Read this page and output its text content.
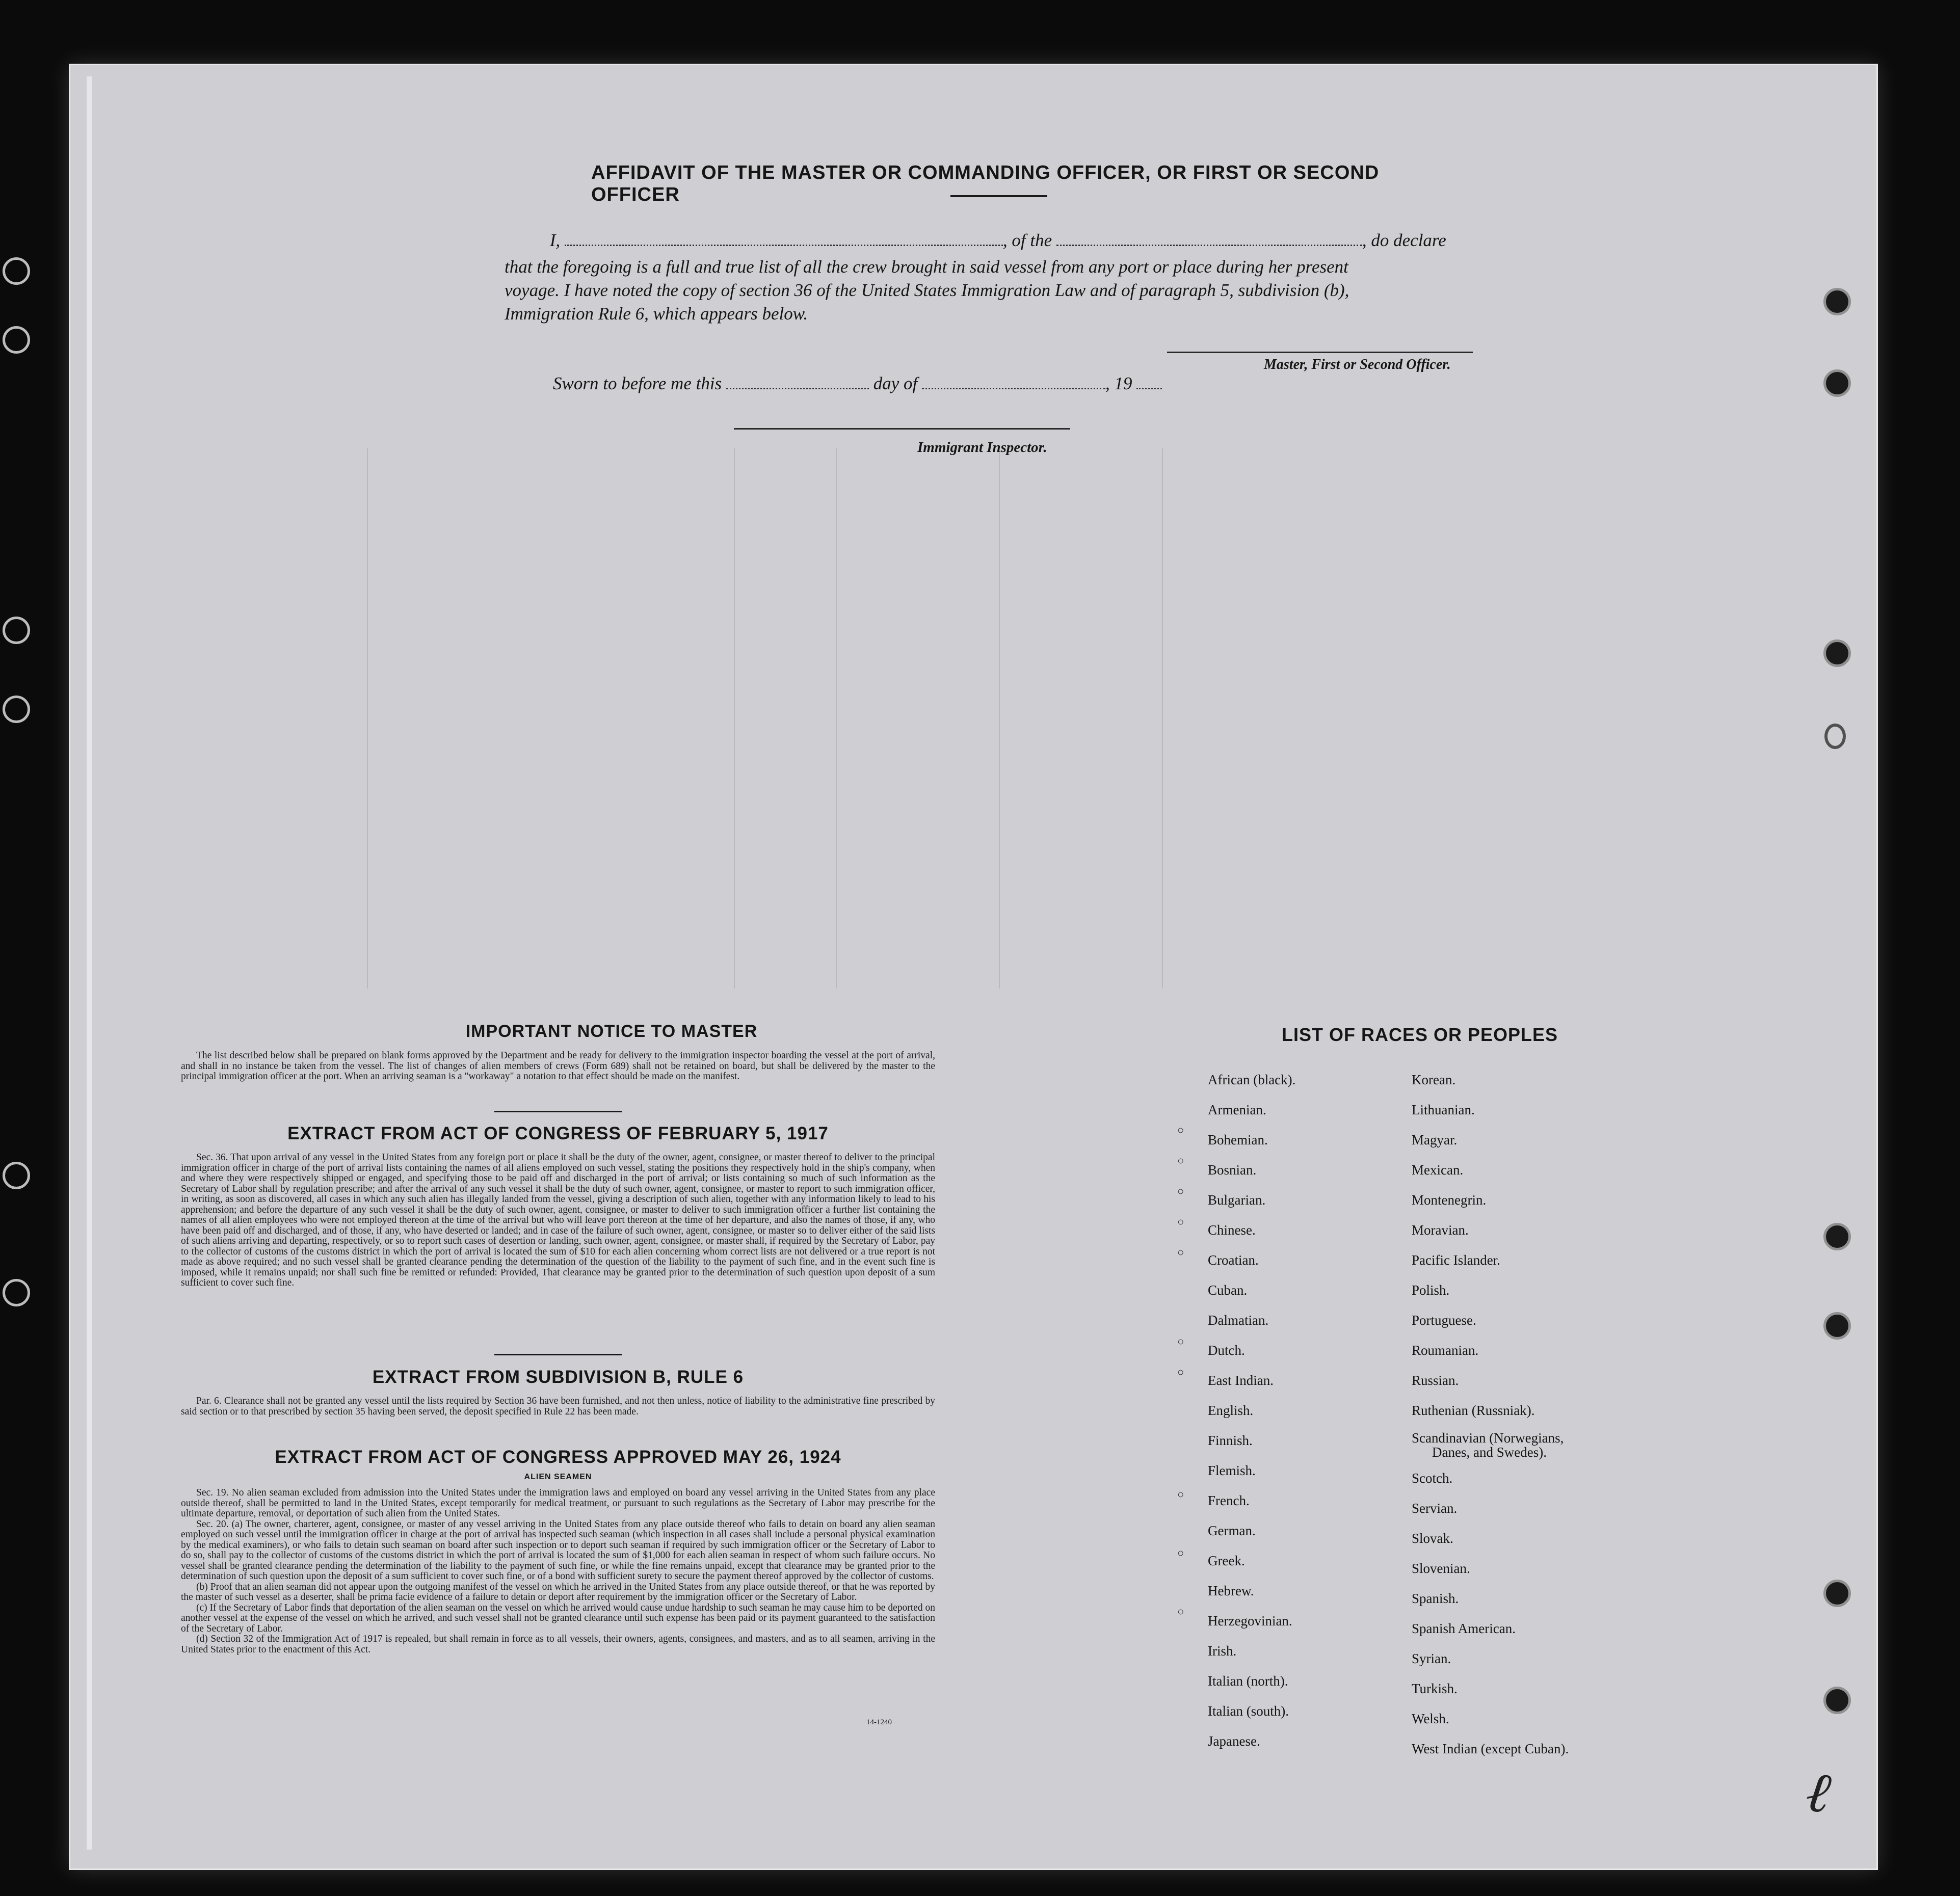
AFFIDAVIT OF THE MASTER OR COMMANDING OFFICER, OR FIRST OR SECOND OFFICER
I,	, of the	, do declare
that the foregoing is a full and true list of all the crew brought in said vessel from any port or place during her present
voyage. I have noted the copy of section 36 of the United States Immigration Law and of paragraph 5, subdivision (b),
Immigration Rule 6, which appears below.
Master, First or Second Officer.
Sworn to before me this	day of	, 19
Immigrant Inspector.
IMPORTANT NOTICE TO MASTER

The list described below shall be prepared on blank forms approved by the Department and be ready for delivery to the immigration inspector boarding the vessel at the port of arrival, and shall in no instance be taken from the vessel. The list of changes of alien members of crews (Form 689) shall not be retained on board, but shall be delivered by the master to the principal immigration officer at the port. When an arriving seaman is a "workaway" a notation to that effect should be made on the manifest.

EXTRACT FROM ACT OF CONGRESS OF FEBRUARY 5, 1917

Sec. 36. That upon arrival of any vessel in the United States from any foreign port or place it shall be the duty of the owner, agent, consignee, or master thereof to deliver to the principal immigration officer in charge of the port of arrival lists containing the names of all aliens employed on such vessel, stating the positions they respectively hold in the ship's company, when and where they were respectively shipped or engaged, and specifying those to be paid off and discharged in the port of arrival; or lists containing so much of such information as the Secretary of Labor shall by regulation prescribe; and after the arrival of any such vessel it shall be the duty of such owner, agent, consignee, or master to report to such immigration officer, in writing, as soon as discovered, all cases in which any such alien has illegally landed from the vessel, giving a description of such alien, together with any information likely to lead to his apprehension; and before the departure of any such vessel it shall be the duty of such owner, agent, consignee, or master to deliver to such immigration officer a further list containing the names of all alien employees who were not employed thereon at the time of the arrival but who will leave port thereon at the time of her departure, and also the names of those, if any, who have been paid off and discharged, and of those, if any, who have deserted or landed; and in case of the failure of such owner, agent, consignee, or master so to deliver either of the said lists of such aliens arriving and departing, respectively, or so to report such cases of desertion or landing, such owner, agent, consignee, or master shall, if required by the Secretary of Labor, pay to the collector of customs of the customs district in which the port of arrival is located the sum of $10 for each alien concerning whom correct lists are not delivered or a true report is not made as above required; and no such vessel shall be granted clearance pending the determination of the question of the liability to the payment of such fine, and in the event such fine is imposed, while it remains unpaid; nor shall such fine be remitted or refunded: Provided, That clearance may be granted prior to the determination of such question upon deposit of a sum sufficient to cover such fine.

EXTRACT FROM SUBDIVISION B, RULE 6

Par. 6. Clearance shall not be granted any vessel until the lists required by Section 36 have been furnished, and not then unless, notice of liability to the administrative fine prescribed by said section or to that prescribed by section 35 having been served, the deposit specified in Rule 22 has been made.

EXTRACT FROM ACT OF CONGRESS APPROVED MAY 26, 1924
ALIEN SEAMEN

Sec. 19. No alien seaman excluded from admission into the United States under the immigration laws and employed on board any vessel arriving in the United States from any place outside thereof, shall be permitted to land in the United States, except temporarily for medical treatment, or pursuant to such regulations as the Secretary of Labor may prescribe for the ultimate departure, removal, or deportation of such alien from the United States.

Sec. 20. (a) The owner, charterer, agent, consignee, or master of any vessel arriving in the United States from any place outside thereof who fails to detain on board any alien seaman employed on such vessel until the immigration officer in charge at the port of arrival has inspected such seaman (which inspection in all cases shall include a personal physical examination by the medical examiners), or who fails to detain such seaman on board after such inspection or to deport such seaman if required by such immigration officer or the Secretary of Labor to do so, shall pay to the collector of customs of the customs district in which the port of arrival is located the sum of $1,000 for each alien seaman in respect of whom such failure occurs. No vessel shall be granted clearance pending the determination of the liability to the payment of such fine, or while the fine remains unpaid, except that clearance may be granted prior to the determination of such question upon the deposit of a sum sufficient to cover such fine, or of a bond with sufficient surety to secure the payment thereof approved by the collector of customs.

(b) Proof that an alien seaman did not appear upon the outgoing manifest of the vessel on which he arrived in the United States from any place outside thereof, or that he was reported by the master of such vessel as a deserter, shall be prima facie evidence of a failure to detain or deport after requirement by the immigration officer or the Secretary of Labor.

(c) If the Secretary of Labor finds that deportation of the alien seaman on the vessel on which he arrived would cause undue hardship to such seaman he may cause him to be deported on another vessel at the expense of the vessel on which he arrived, and such vessel shall not be granted clearance until such expense has been paid or its payment guaranteed to the satisfaction of the Secretary of Labor.

(d) Section 32 of the Immigration Act of 1917 is repealed, but shall remain in force as to all vessels, their owners, agents, consignees, and masters, and as to all seamen, arriving in the United States prior to the enactment of this Act.

14-1240
LIST OF RACES OR PEOPLES
African (black).
Armenian.
Bohemian.
Bosnian.
Bulgarian.
Chinese.
Croatian.
Cuban.
Dalmatian.
Dutch.
East Indian.
English.
Finnish.
Flemish.
French.
German.
Greek.
Hebrew.
Herzegovinian.
Irish.
Italian (north).
Italian (south).
Japanese.
Korean.
Lithuanian.
Magyar.
Mexican.
Montenegrin.
Moravian.
Pacific Islander.
Polish.
Portuguese.
Roumanian.
Russian.
Ruthenian (Russniak).
Scandinavian (Norwegians,
Danes, and Swedes).
Scotch.
Servian.
Slovak.
Slovenian.
Spanish.
Spanish American.
Syrian.
Turkish.
Welsh.
West Indian (except Cuban).
○
○
○
○
○
○
○
○
○
○
ℓ
